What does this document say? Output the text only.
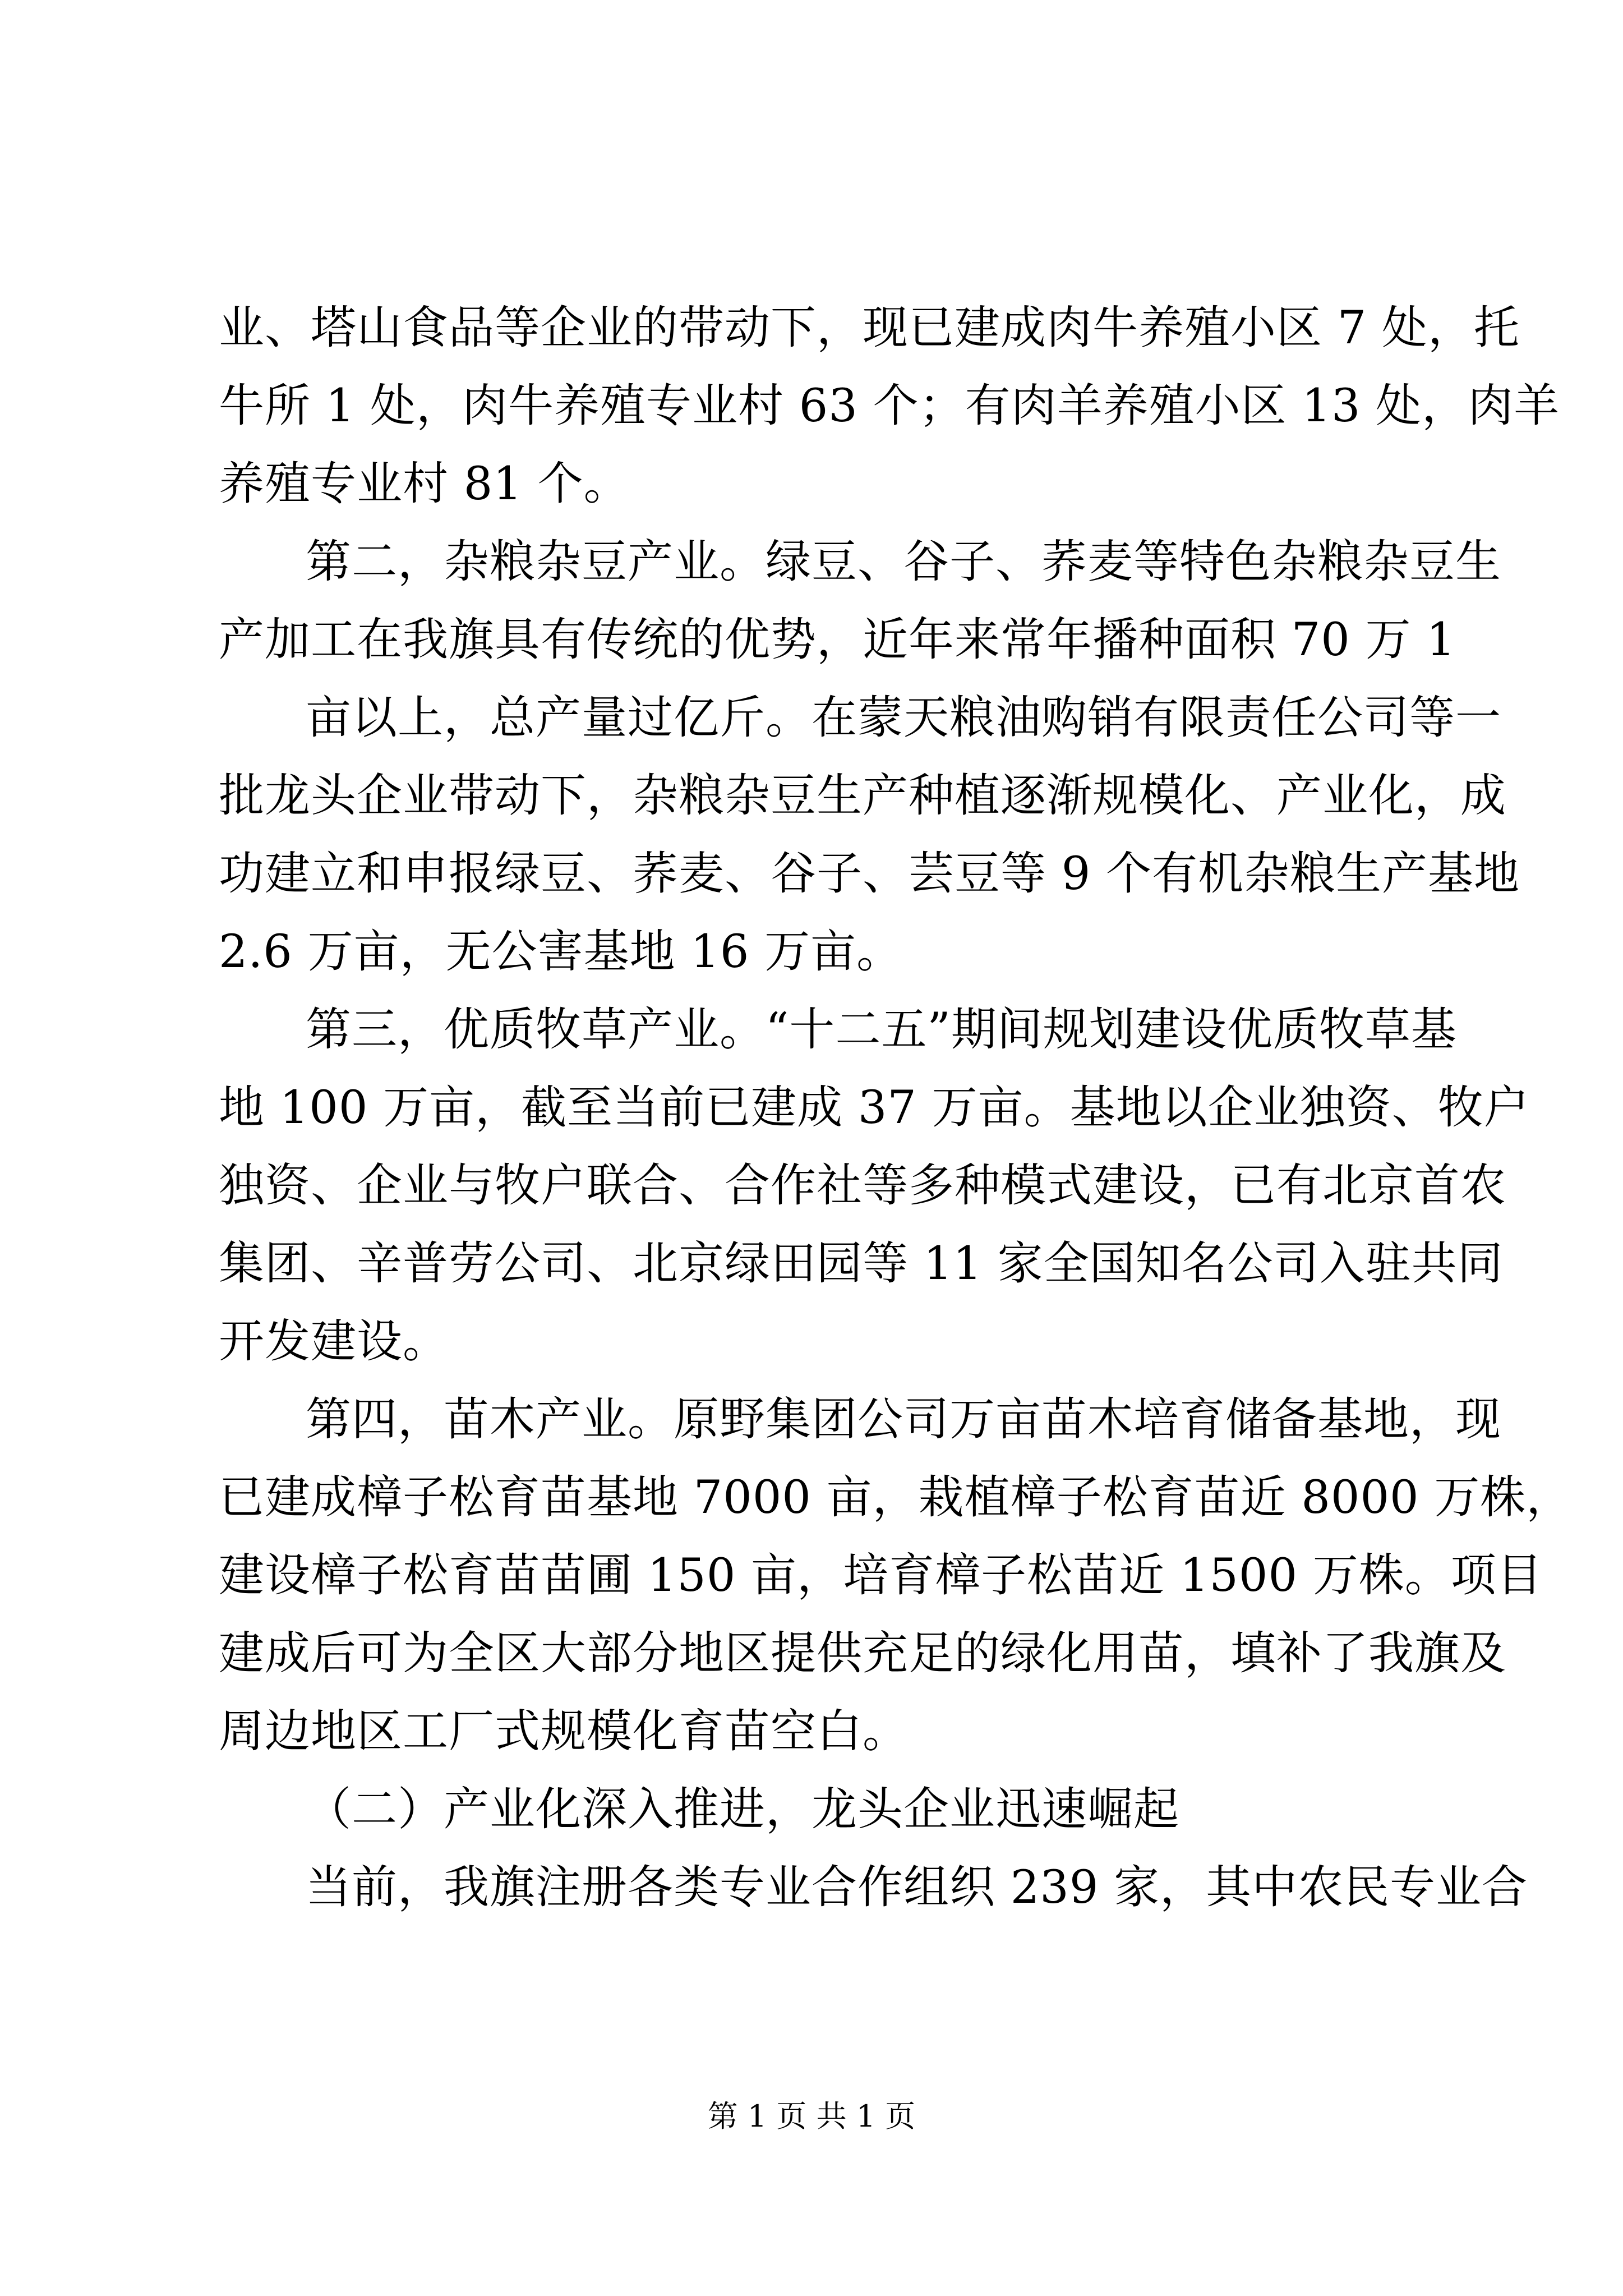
业、塔山食品等企业的带动下，现已建成肉牛养殖小区 7 处，托
牛所 1 处，肉牛养殖专业村 63 个；有肉羊养殖小区 13 处，肉羊
养殖专业村 81 个。
第二，杂粮杂豆产业。绿豆、谷子、荞麦等特色杂粮杂豆生
产加工在我旗具有传统的优势，近年来常年播种面积 70 万 1
亩以上，总产量过亿斤。在蒙天粮油购销有限责任公司等一
批龙头企业带动下，杂粮杂豆生产种植逐渐规模化、产业化，成
功建立和申报绿豆、荞麦、谷子、芸豆等 9 个有机杂粮生产基地
2.6 万亩，无公害基地 16 万亩。
第三，优质牧草产业。“十二五”期间规划建设优质牧草基
地 100 万亩，截至当前已建成 37 万亩。基地以企业独资、牧户
独资、企业与牧户联合、合作社等多种模式建设，已有北京首农
集团、辛普劳公司、北京绿田园等 11 家全国知名公司入驻共同
开发建设。
第四，苗木产业。原野集团公司万亩苗木培育储备基地，现
已建成樟子松育苗基地 7000 亩，栽植樟子松育苗近 8000 万株，
建设樟子松育苗苗圃 150 亩，培育樟子松苗近 1500 万株。项目
建成后可为全区大部分地区提供充足的绿化用苗，填补了我旗及
周边地区工厂式规模化育苗空白。
（二）产业化深入推进，龙头企业迅速崛起
当前，我旗注册各类专业合作组织 239 家，其中农民专业合
第 1 页 共 1 页
